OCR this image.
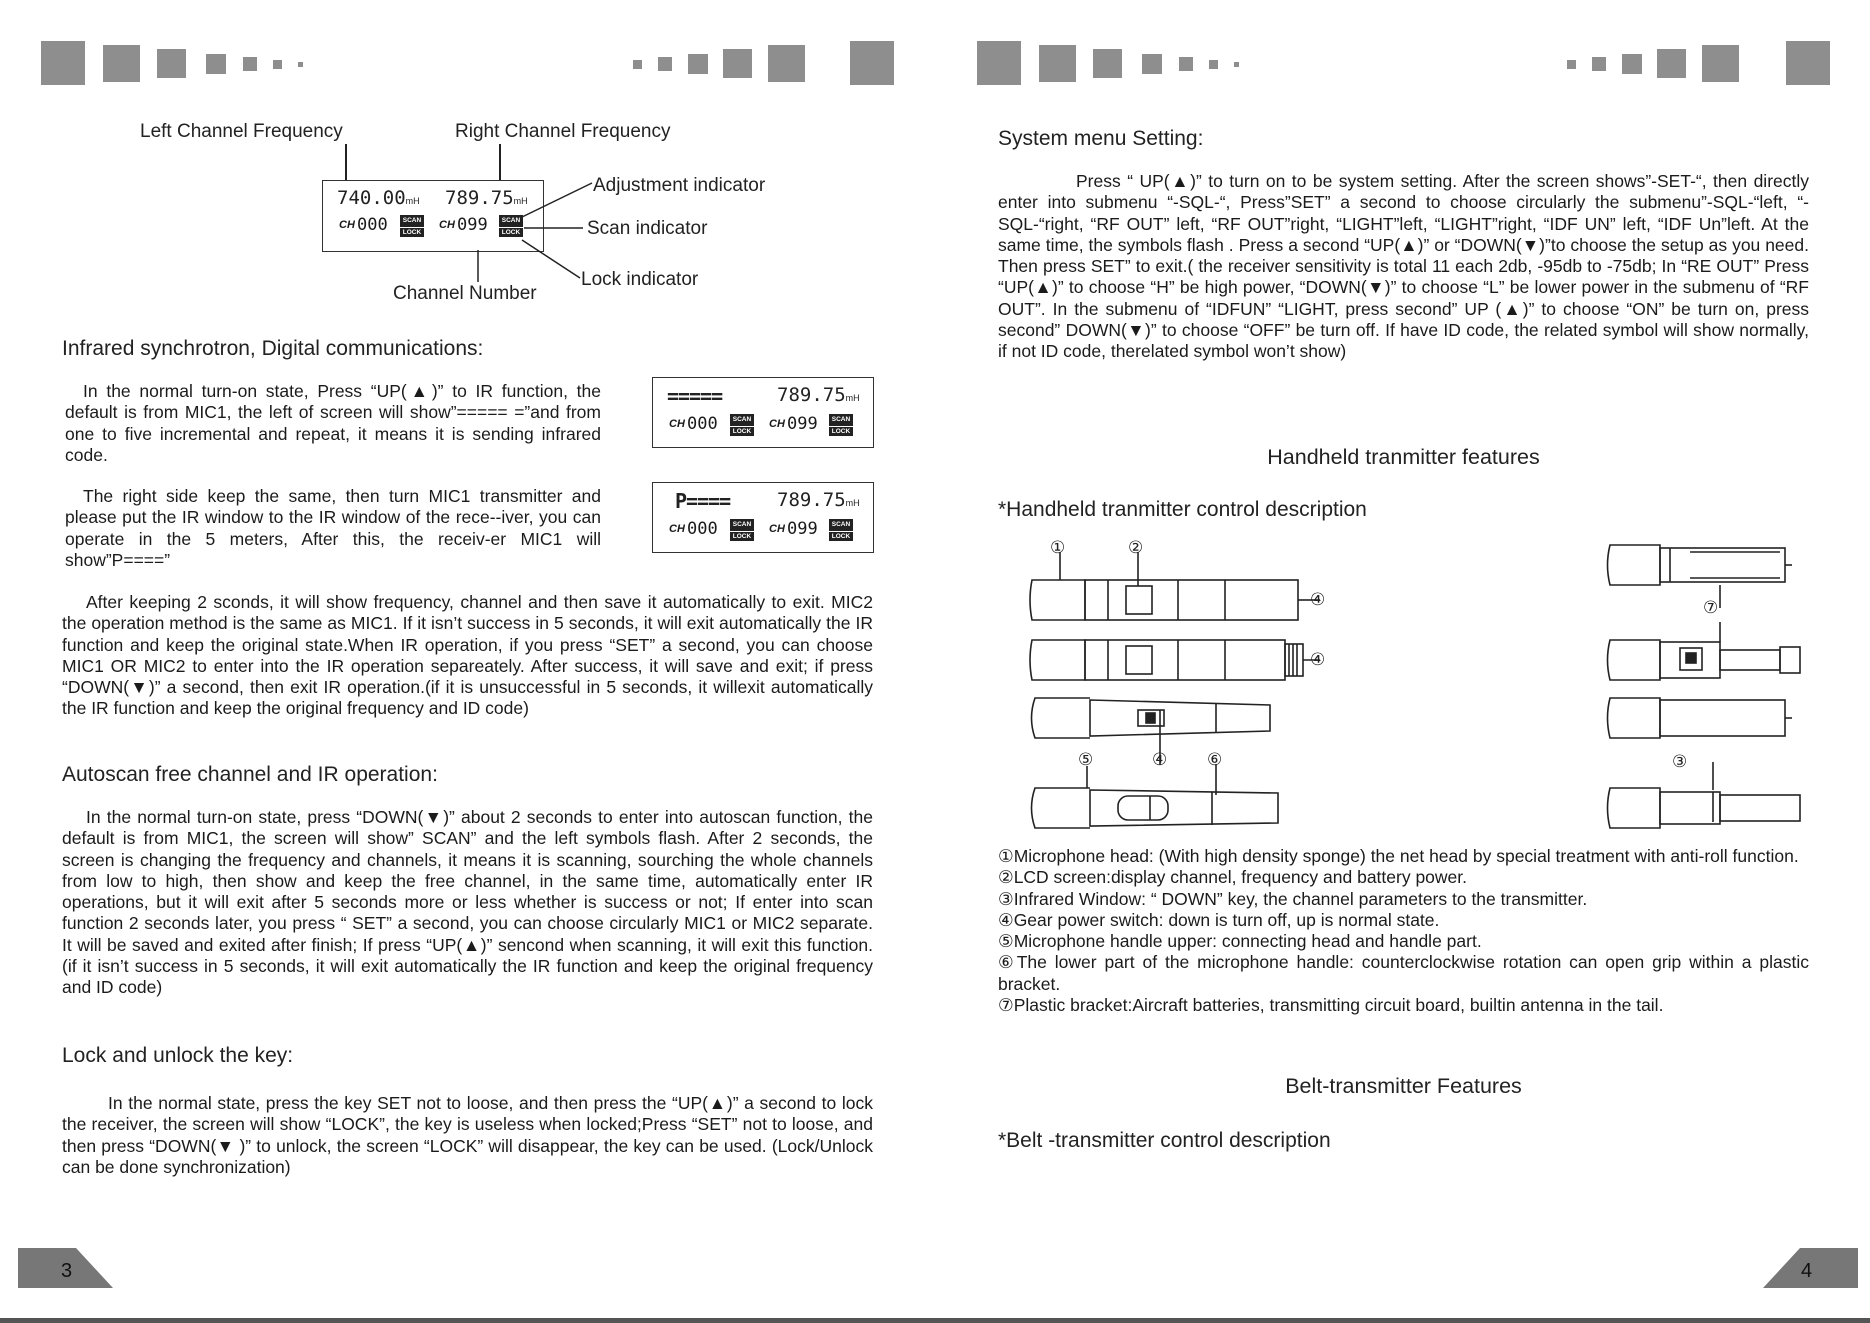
Left Channel Frequency	Right Channel Frequency
740.00mH 789.75mH
CH 000	SCAN
LOCK
CH 099	SCAN
LOCK
Adjustment indicator
Scan indicator
Lock indicator
Channel Number
Infrared synchrotron, Digital communications:
In the normal turn-on state, Press “UP(▲)” to IR function, the default is from MIC1, the left of screen will show”===== =”and from one to five incremental and repeat, it means it is sending infrared code.
=====	789.75mH
CH 000	SCAN
LOCK
CH 099	SCAN
LOCK
The right side keep the same, then turn MIC1 transmitter and please put the IR window to the IR window of the rece--iver, you can operate in the 5 meters, After this, the receiv-er MIC1 will show”P====”
P==== 789.75mH
CH 000	SCAN
LOCK
CH 099	SCAN
LOCK
After keeping 2 sconds, it will show frequency, channel and then save it automatically to exit. MIC2 the operation method is the same as MIC1. If it isn’t success in 5 seconds, it will exit automatically the IR function and keep the original state.When IR operation, if you press “SET” a second, you can choose MIC1 OR MIC2 to enter into the IR operation separeately. After success, it will save and exit; if press “DOWN(▼)” a second, then exit IR operation.(if it is unsuccessful in 5 seconds, it willexit automatically the IR function and keep the original frequency and ID code)
Autoscan free channel and IR operation:
In the normal turn-on state, press “DOWN(▼)” about 2 seconds to enter into autoscan function, the default is from MIC1, the screen will show” SCAN” and the left symbols flash. After 2 seconds, the screen is changing the frequency and channels, it means it is scanning, sourching the whole channels from low to high, then show and keep the free channel, in the same time, automatically enter IR operations, but it will exit after 5 seconds more or less whether is success or not; If enter into scan function 2 seconds later, you press “ SET” a second, you can choose circularly MIC1 or MIC2 separate. It will be saved and exited after finish; If press “UP(▲)” sencond when scanning, it will exit this function.(if it isn’t success in 5 seconds, it will exit automatically the IR function and keep the original frequency and ID code)
Lock and unlock the key:
In the normal state, press the key SET not to loose, and then press the “UP(▲)” a second to lock the receiver, the screen will show “LOCK”, the key is useless when locked;Press “SET” not to loose, and then press “DOWN(▼ )” to unlock, the screen “LOCK” will disappear, the key can be used. (Lock/Unlock can be done synchronization)
3
System menu Setting:
Press “ UP(▲)” to turn on to be system setting. After the screen shows”-SET-“, then directly enter into submenu “-SQL-“, Press”SET” a second to choose circularly the submenu”-SQL-“left, “-SQL-“right, “RF OUT” left, “RF OUT”right, “LIGHT”left, “LIGHT”right, “IDF UN” left, “IDF Un”left. At the same time, the symbols flash . Press a second “UP(▲)” or “DOWN(▼)”to choose the setup as you need. Then press SET” to exit.( the receiver sensitivity is total 11 each 2db, -95db to -75db; In “RE OUT” Press “UP(▲)” to choose “H” be high power, “DOWN(▼)” to choose “L” be lower power in the submenu of “RF OUT”. In the submenu of “IDFUN” “LIGHT, press second” UP (▲)” to choose “ON” be turn on, press second” DOWN(▼)” to choose “OFF” be turn off. If have ID code, the related symbol will show normally, if not ID code, therelated symbol won’t show)
Handheld tranmitter features
*Handheld tranmitter control description
①	②
④
④
⑤	④ ⑥
⑦
③
①Microphone head: (With high density sponge) the net head by special treatment with anti-roll function.
②LCD screen:display channel, frequency and battery power.
③Infrared Window: “ DOWN” key, the channel parameters to the transmitter.
④Gear power switch: down is turn off, up is normal state.
⑤Microphone handle upper: connecting head and handle part.
⑥The lower part of the microphone handle: counterclockwise rotation can open grip within a plastic bracket.
⑦Plastic bracket:Aircraft batteries, transmitting circuit board, builtin antenna in the tail.
Belt-transmitter Features
*Belt -transmitter control description
4
